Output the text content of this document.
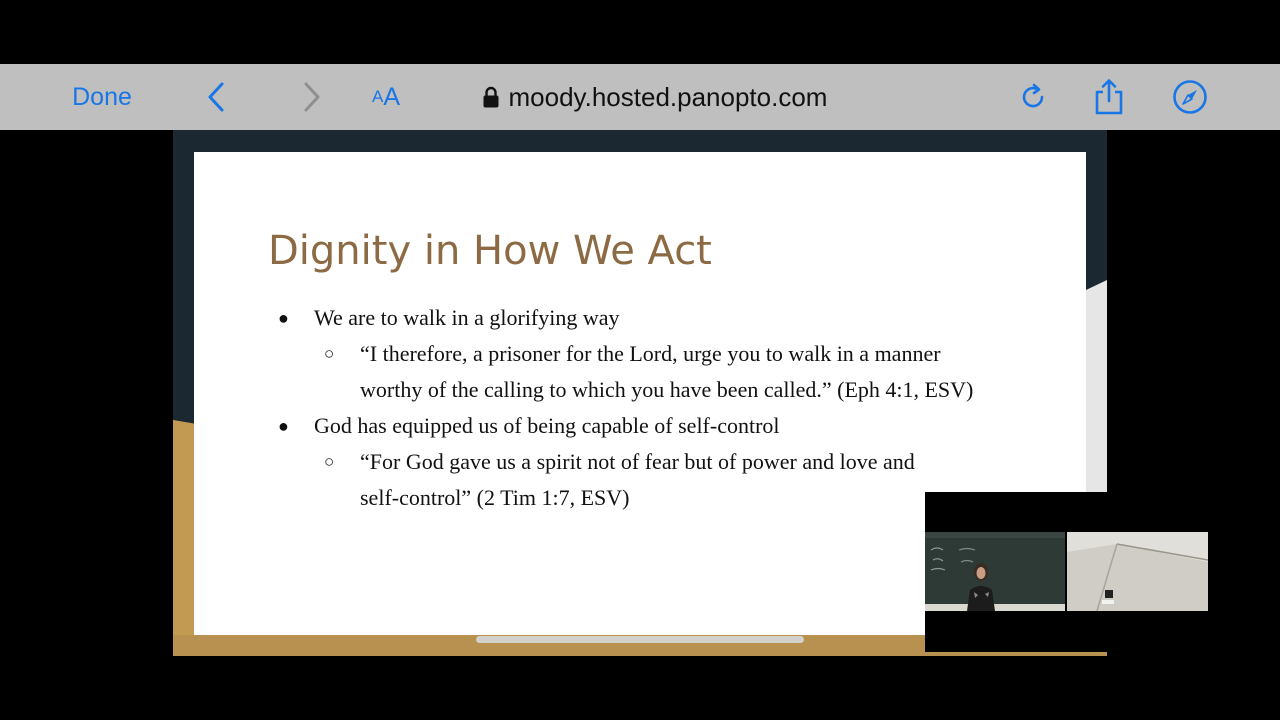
Done	A A	moody.hosted.panopto.com
Dignity in How We Act
● We are to walk in a glorifying way
○ “I therefore, a prisoner for the Lord, urge you to walk in a manner
worthy of the calling to which you have been called.” (Eph 4:1, ESV)
● God has equipped us of being capable of self-control
○ “For God gave us a spirit not of fear but of power and love and
self-control” (2 Tim 1:7, ESV)
